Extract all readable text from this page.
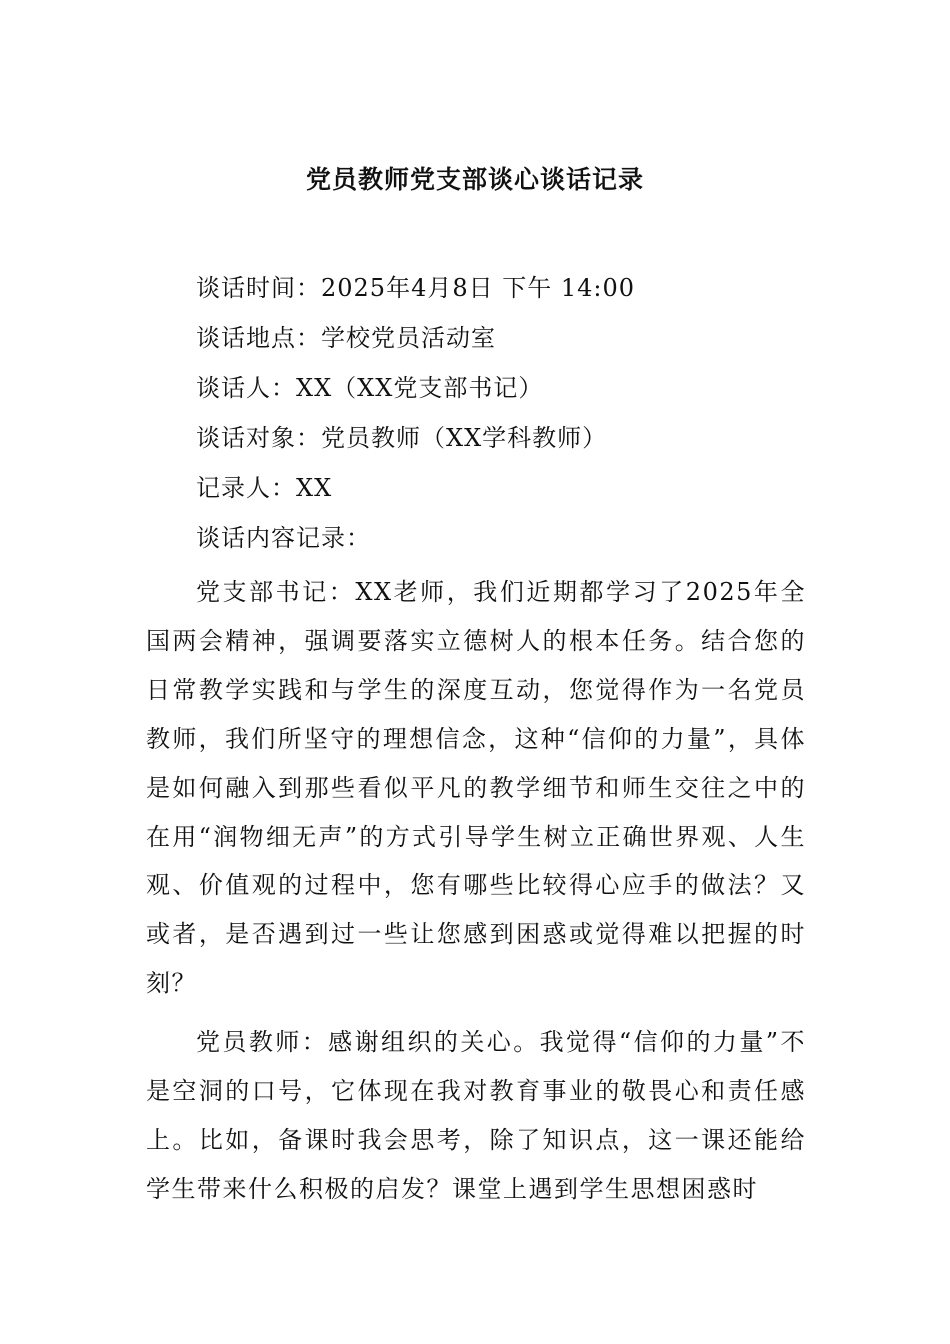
党员教师党支部谈心谈话记录
谈话时间：2025年4月8日 下午 14:00
谈话地点：学校党员活动室
谈话人：XX（XX党支部书记）
谈话对象：党员教师（XX学科教师）
记录人：XX
谈话内容记录：

党支部书记：XX老师，我们近期都学习了2025年全国两会精神，强调要落实立德树人的根本任务。结合您的日常教学实践和与学生的深度互动，您觉得作为一名党员教师，我们所坚守的理想信念，这种“信仰的力量”，具体是如何融入到那些看似平凡的教学细节和师生交往之中的在用“润物细无声”的方式引导学生树立正确世界观、人生观、价值观的过程中，您有哪些比较得心应手的做法？又或者，是否遇到过一些让您感到困惑或觉得难以把握的时刻？

党员教师：感谢组织的关心。我觉得“信仰的力量”不是空洞的口号，它体现在我对教育事业的敬畏心和责任感上。比如，备课时我会思考，除了知识点，这一课还能给学生带来什么积极的启发？课堂上遇到学生思想困惑时
